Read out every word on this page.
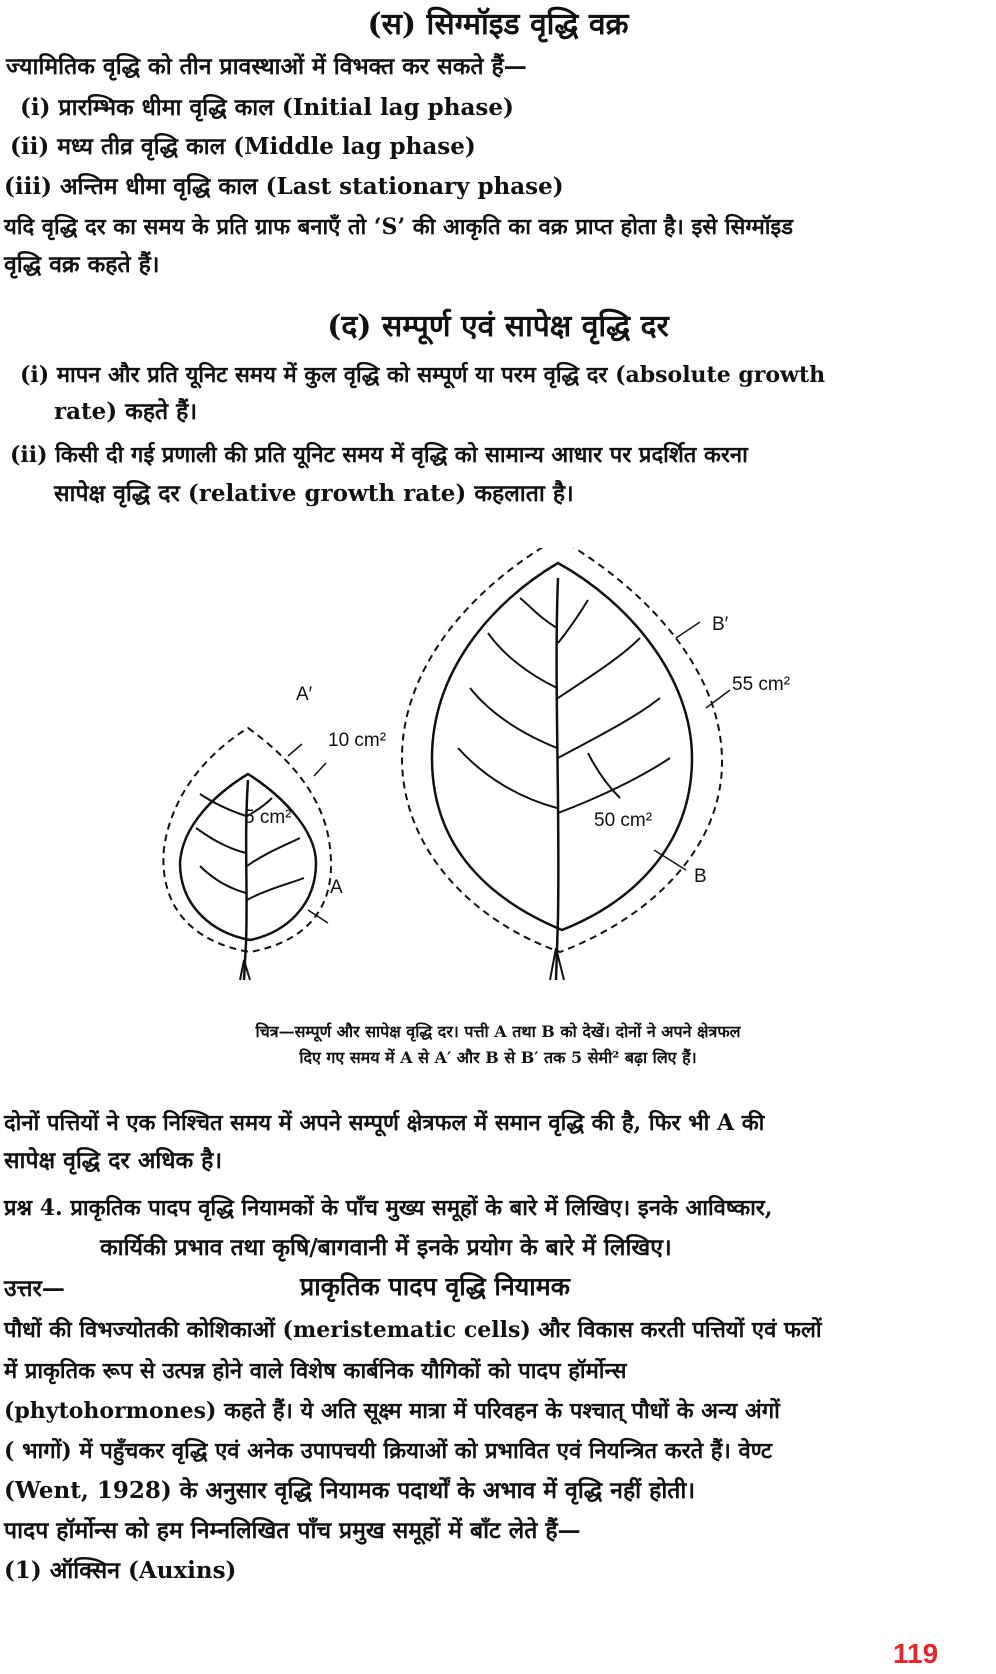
(स) सिग्मॉइड वृद्धि वक्र
ज्यामितिक वृद्धि को तीन प्रावस्थाओं में विभक्त कर सकते हैं—
(i) प्रारम्भिक धीमा वृद्धि काल (Initial lag phase)
(ii) मध्य तीव्र वृद्धि काल (Middle lag phase)
(iii) अन्तिम धीमा वृद्धि काल (Last stationary phase)
यदि वृद्धि दर का समय के प्रति ग्राफ बनाएँ तो ‘S’ की आकृति का वक्र प्राप्त होता है। इसे सिग्मॉइड
वृद्धि वक्र कहते हैं।
(द) सम्पूर्ण एवं सापेक्ष वृद्धि दर
(i) मापन और प्रति यूनिट समय में कुल वृद्धि को सम्पूर्ण या परम वृद्धि दर (absolute growth
rate) कहते हैं।
(ii) किसी दी गई प्रणाली की प्रति यूनिट समय में वृद्धि को सामान्य आधार पर प्रदर्शित करना
सापेक्ष वृद्धि दर (relative growth rate) कहलाता है।
A′
10 cm²
5 cm²
A
B′
55 cm²
50 cm²
B
चित्र—सम्पूर्ण और सापेक्ष वृद्धि दर। पत्ती A तथा B को देखें। दोनों ने अपने क्षेत्रफल
दिए गए समय में A से A′ और B से B′ तक 5 सेमी² बढ़ा लिए हैं।
दोनों पत्तियों ने एक निश्चित समय में अपने सम्पूर्ण क्षेत्रफल में समान वृद्धि की है, फिर भी A की
सापेक्ष वृद्धि दर अधिक है।
प्रश्न 4. प्राकृतिक पादप वृद्धि नियामकों के पाँच मुख्य समूहों के बारे में लिखिए। इनके आविष्कार,
कार्यिकी प्रभाव तथा कृषि/बागवानी में इनके प्रयोग के बारे में लिखिए।
उत्तर—	प्राकृतिक पादप वृद्धि नियामक
पौधों की विभज्योतकी कोशिकाओं (meristematic cells) और विकास करती पत्तियों एवं फलों
में प्राकृतिक रूप से उत्पन्न होने वाले विशेष कार्बनिक यौगिकों को पादप हॉर्मोन्स
(phytohormones) कहते हैं। ये अति सूक्ष्म मात्रा में परिवहन के पश्चात् पौधों के अन्य अंगों
( भागों) में पहुँचकर वृद्धि एवं अनेक उपापचयी क्रियाओं को प्रभावित एवं नियन्त्रित करते हैं। वेण्ट
(Went, 1928) के अनुसार वृद्धि नियामक पदार्थों के अभाव में वृद्धि नहीं होती।
पादप हॉर्मोन्स को हम निम्नलिखित पाँच प्रमुख समूहों में बाँट लेते हैं—
(1) ऑक्सिन (Auxins)
119
